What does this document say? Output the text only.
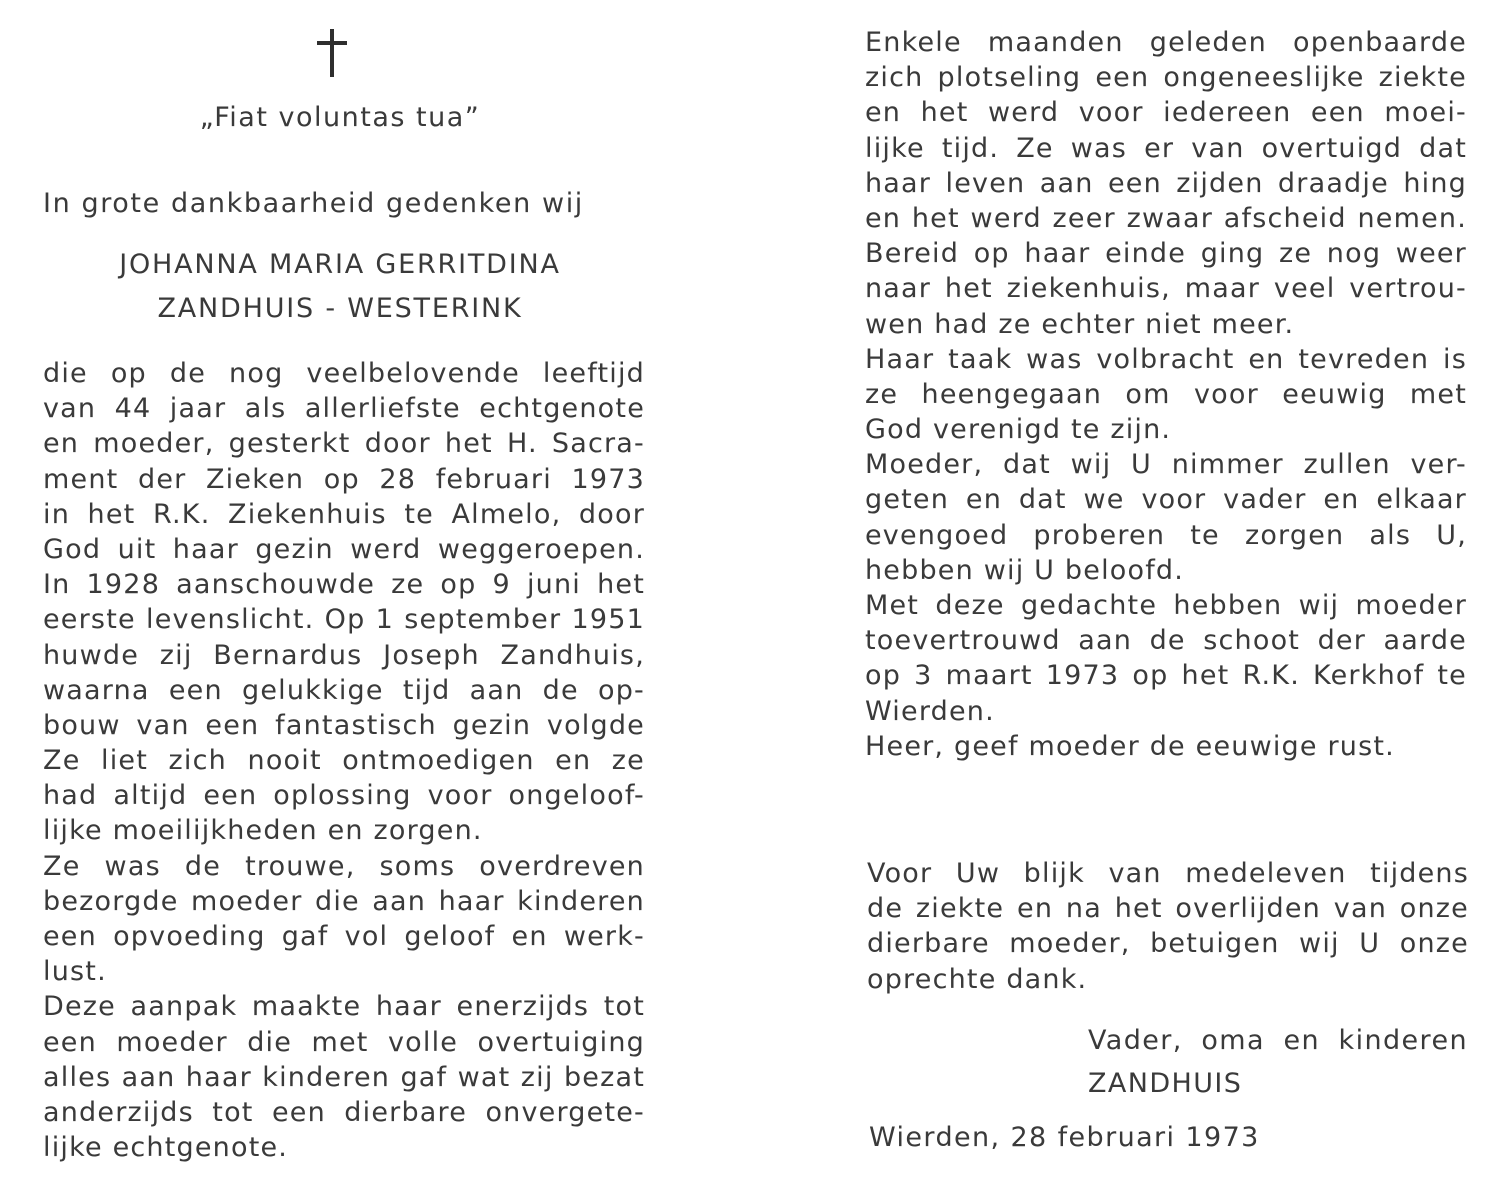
„Fiat voluntas tua”
In grote dankbaarheid gedenken wij
JOHANNA MARIA GERRITDINA
ZANDHUIS - WESTERINK
die op de nog veelbelovende leeftijd
van 44 jaar als allerliefste echtgenote
en moeder, gesterkt door het H. Sacra-
ment der Zieken op 28 februari 1973
in het R.K. Ziekenhuis te Almelo, door
God uit haar gezin werd weggeroepen.
In 1928 aanschouwde ze op 9 juni het
eerste levenslicht. Op 1 september 1951
huwde zij Bernardus Joseph Zandhuis,
waarna een gelukkige tijd aan de op-
bouw van een fantastisch gezin volgde
Ze liet zich nooit ontmoedigen en ze
had altijd een oplossing voor ongeloof-
lijke moeilijkheden en zorgen.
Ze was de trouwe, soms overdreven
bezorgde moeder die aan haar kinderen
een opvoeding gaf vol geloof en werk-
lust.
Deze aanpak maakte haar enerzijds tot
een moeder die met volle overtuiging
alles aan haar kinderen gaf wat zij bezat
anderzijds tot een dierbare onvergete-
lijke echtgenote.
Enkele maanden geleden openbaarde
zich plotseling een ongeneeslijke ziekte
en het werd voor iedereen een moei-
lijke tijd. Ze was er van overtuigd dat
haar leven aan een zijden draadje hing
en het werd zeer zwaar afscheid nemen.
Bereid op haar einde ging ze nog weer
naar het ziekenhuis, maar veel vertrou-
wen had ze echter niet meer.
Haar taak was volbracht en tevreden is
ze heengegaan om voor eeuwig met
God verenigd te zijn.
Moeder, dat wij U nimmer zullen ver-
geten en dat we voor vader en elkaar
evengoed proberen te zorgen als U,
hebben wij U beloofd.
Met deze gedachte hebben wij moeder
toevertrouwd aan de schoot der aarde
op 3 maart 1973 op het R.K. Kerkhof te
Wierden.
Heer, geef moeder de eeuwige rust.
Voor Uw blijk van medeleven tijdens
de ziekte en na het overlijden van onze
dierbare moeder, betuigen wij U onze
oprechte dank.
Vader, oma en kinderen
ZANDHUIS
Wierden, 28 februari 1973
